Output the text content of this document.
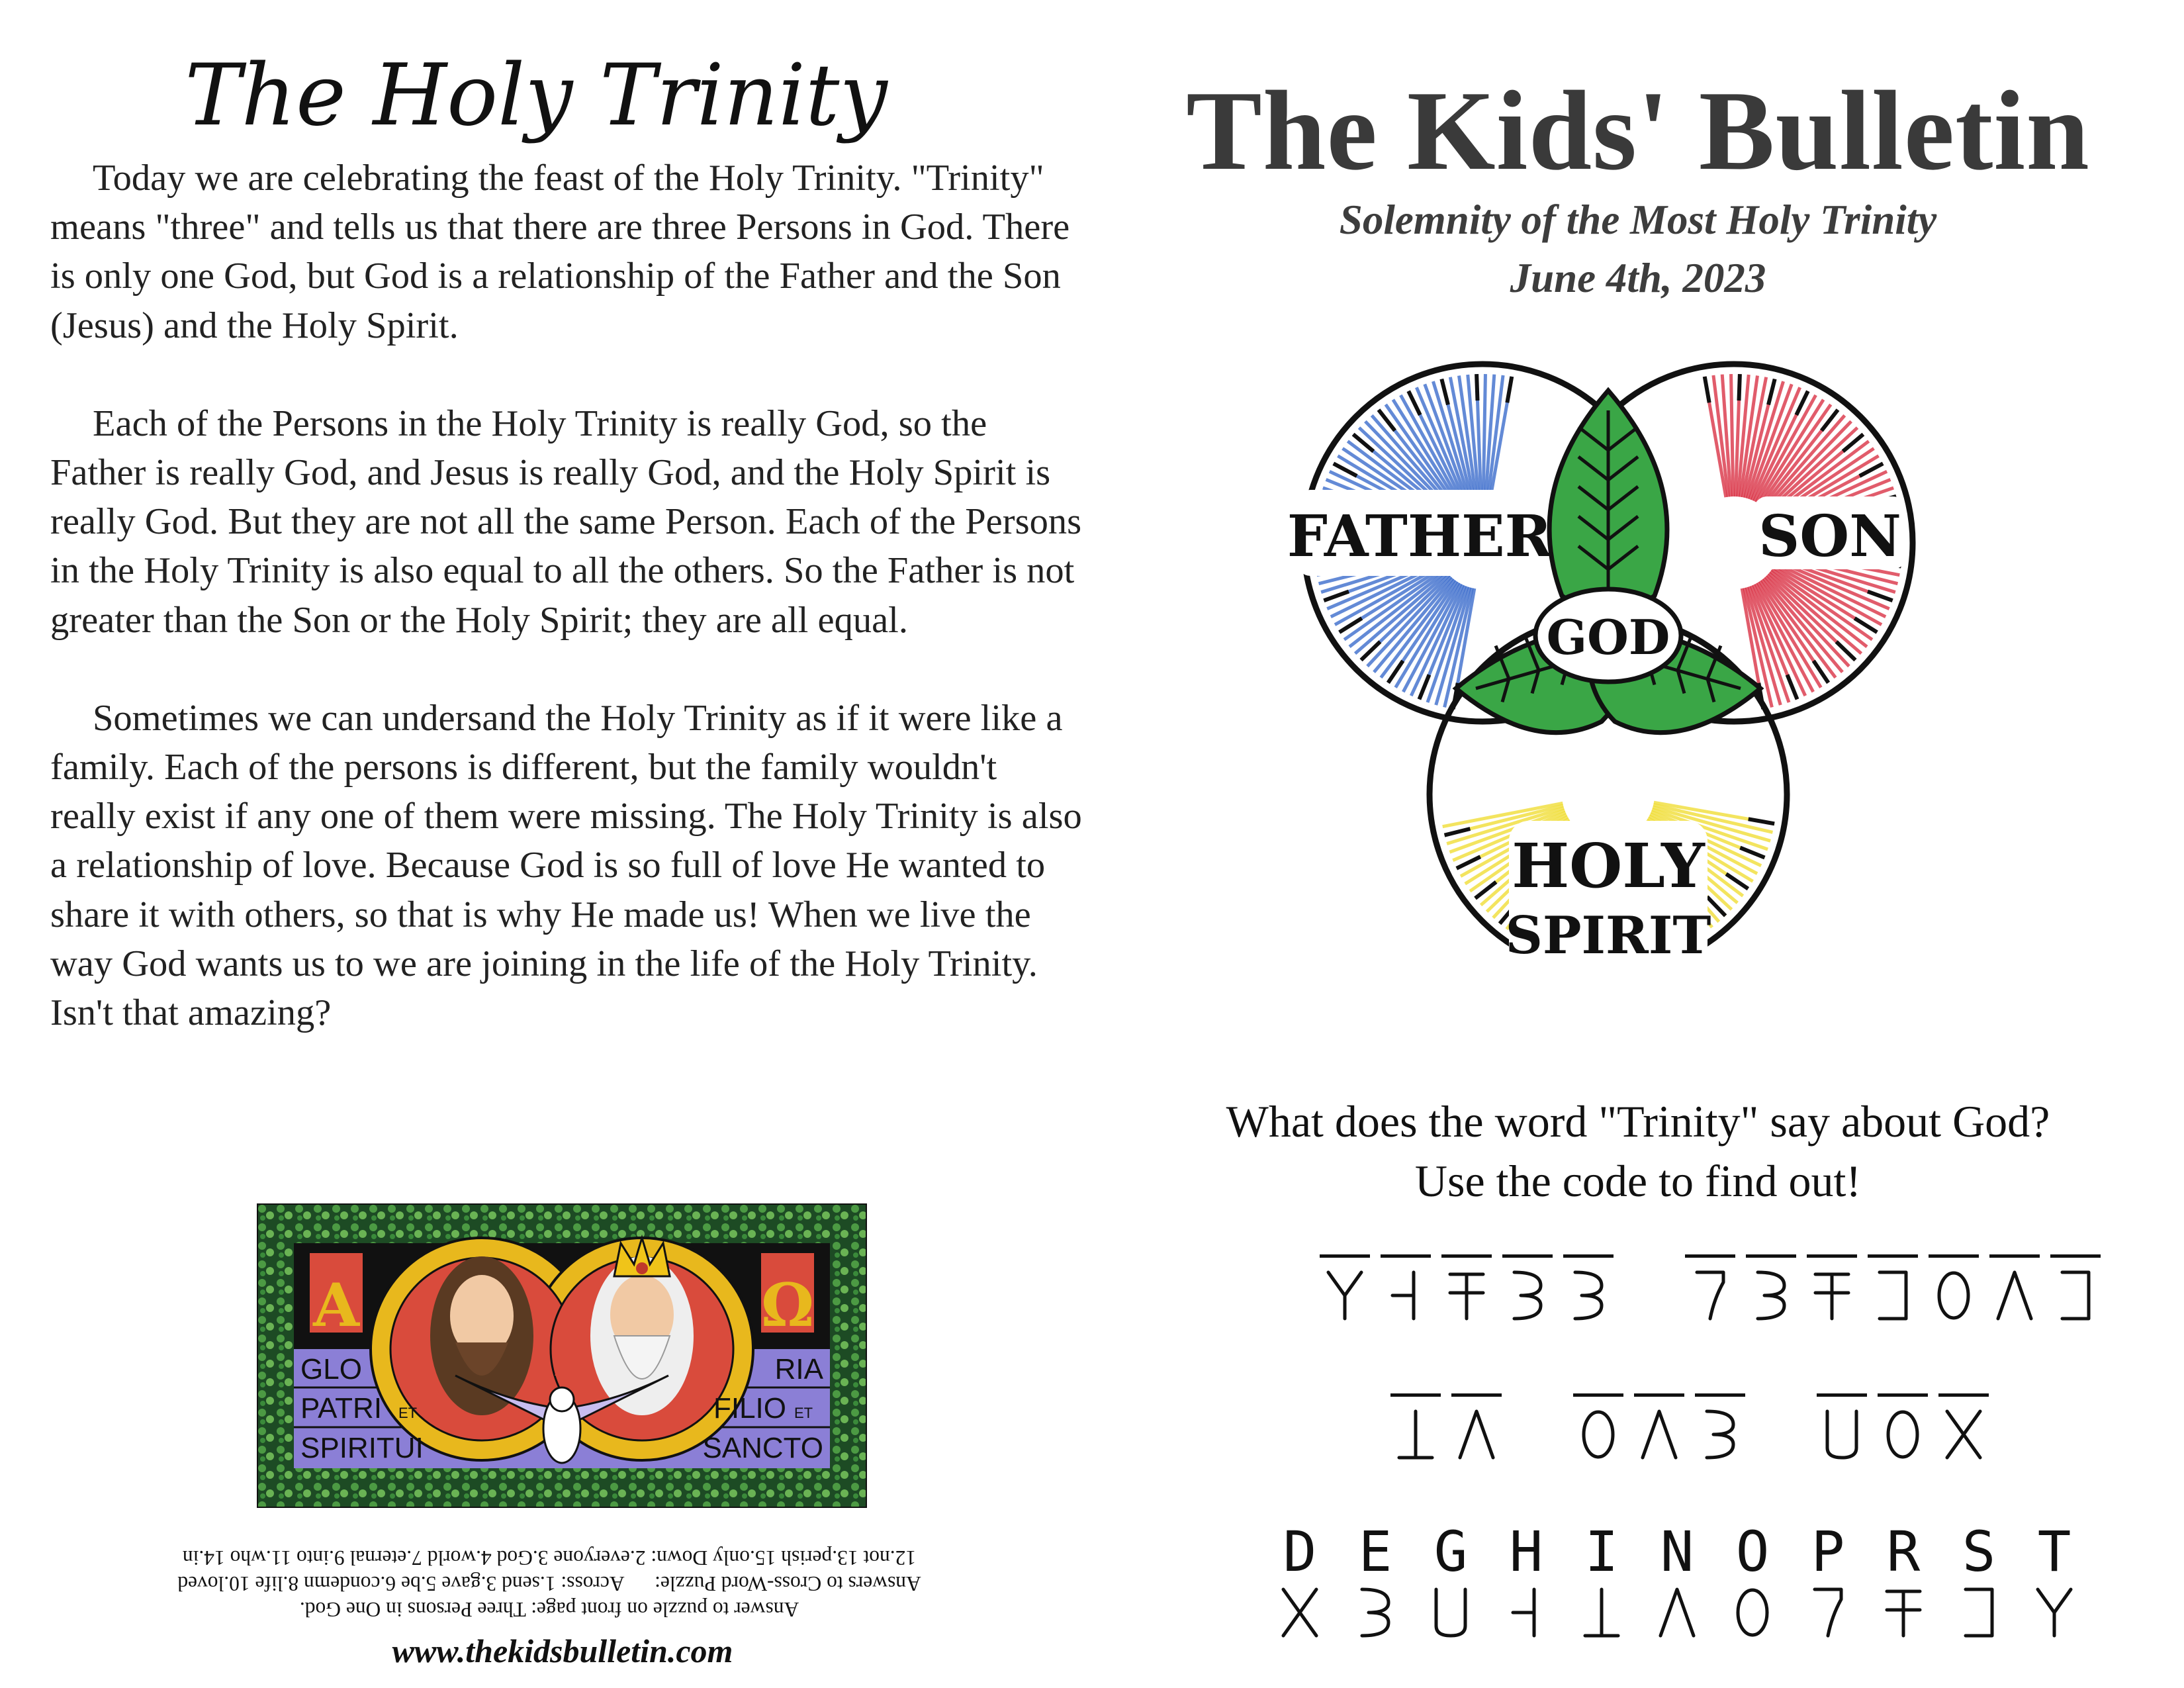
The Holy Trinity

Today we are celebrating the feast of the Holy Trinity. "Trinity" means "three" and tells us that there are three Persons in God. There is only one God, but God is a relationship of the Father and the Son (Jesus) and the Holy Spirit.

Each of the Persons in the Holy Trinity is really God, so the Father is really God, and Jesus is really God, and the Holy Spirit is really God. But they are not all the same Person. Each of the Persons in the Holy Trinity is also equal to all the others. So the Father is not greater than the Son or the Holy Spirit; they are all equal.

Sometimes we can undersand the Holy Trinity as if it were like a family. Each of the persons is different, but the family wouldn't really exist if any one of them were missing. The Holy Trinity is also a relationship of love. Because God is so full of love He wanted to share it with others, so that is why He made us! When we live the way God wants us to we are joining in the life of the Holy Trinity. Isn't that amazing?

A	Ω
GLO
PATRI ET
SPIRITUI
RIA
FILIO ET
SANCTO
Answer to puzzle on front page: Three Persons in One God.
Answers to Cross-Word Puzzle:      Across: 1.send 3.gave 5.be 6.condemn 8.life 10.loved
12.not 13.perish 15.only Down: 2.everyone 3.God 4.world 7.eternal 9.into 11.who 14.in
www.thekidsbulletin.com
The Kids' Bulletin
Solemnity of the Most Holy Trinity
June 4th, 2023
FATHER	SON
GOD
HOLY
SPIRIT
What does the word "Trinity" say about God?
Use the code to find out!
D E G H I N O P R S T
